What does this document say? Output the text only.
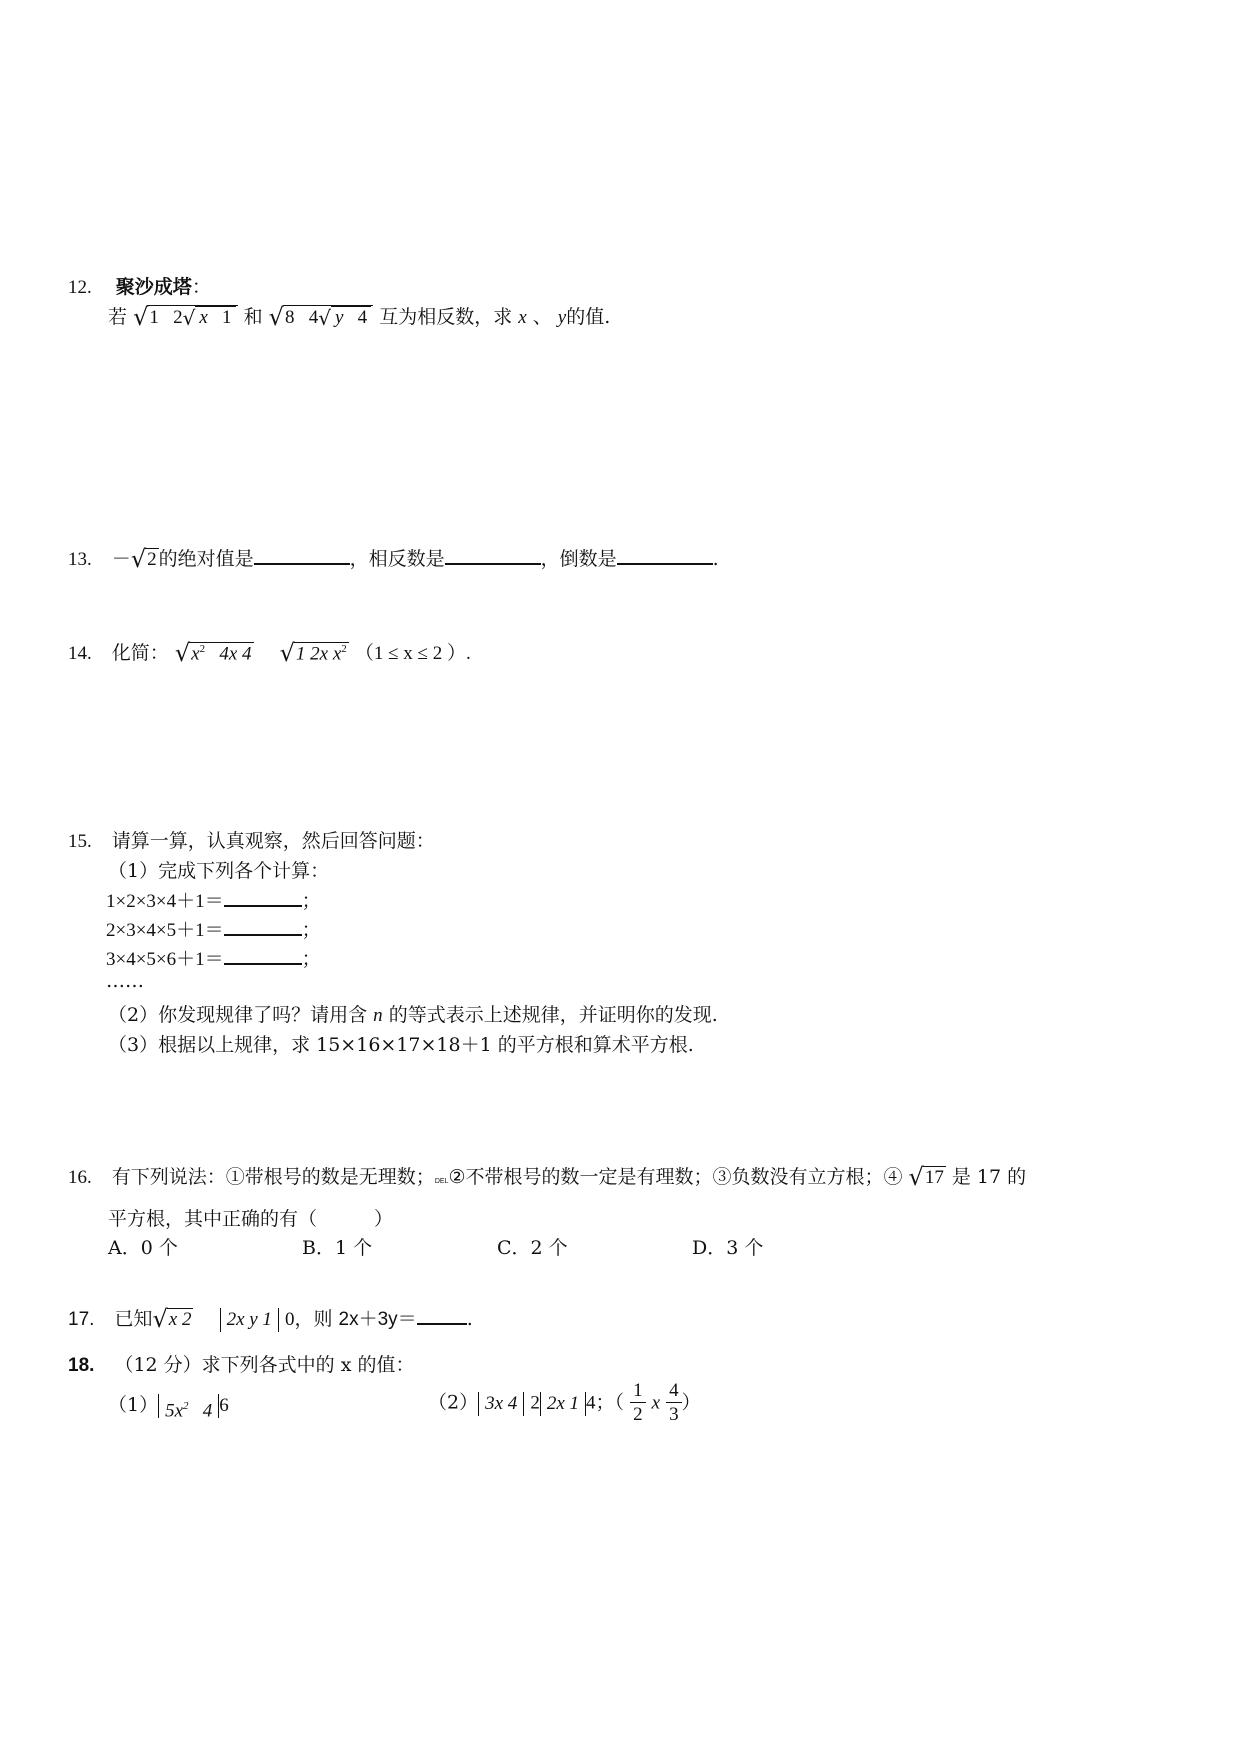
12. 聚沙成塔：
若 √1 2√ x 1 和 √8 4√ y 4 互为相反数，求 x 、 y的值.
13. －√2 的绝对值是	，相反数是	，倒数是	.
14. 化简： $√x^2$ 4x 4 √1 2x $x^2$ （1 ≤ x ≤ 2 ）.
15. 请算一算，认真观察，然后回答问题：
（1）完成下列各个计算：
1×2×3×4＋1＝	；
2×3×4×5＋1＝	；
3×4×5×6＋1＝	；
……
（2）你发现规律了吗？请用含 n 的等式表示上述规律，并证明你的发现.
（3）根据以上规律，求 15×16×17×18＋1 的平方根和算术平方根.
16. 有下列说法：①带根号的数是无理数；DEL②不带根号的数一定是有理数；③负数没有立方根；④ √17 是 17 的
平方根，其中正确的有（　　　）
A．0 个	B．1 个	C．2 个	D．3 个
17. 已知√x 2 2x y 1 0，则 2x＋3y＝	.
18. （12 分）求下列各式中的 x 的值：
（1） $5x^2$ 4 6	（2） 3x 4 2 2x 1 4；（ $\frac{1}{2}$ x $\frac{4}{3}$ ）
